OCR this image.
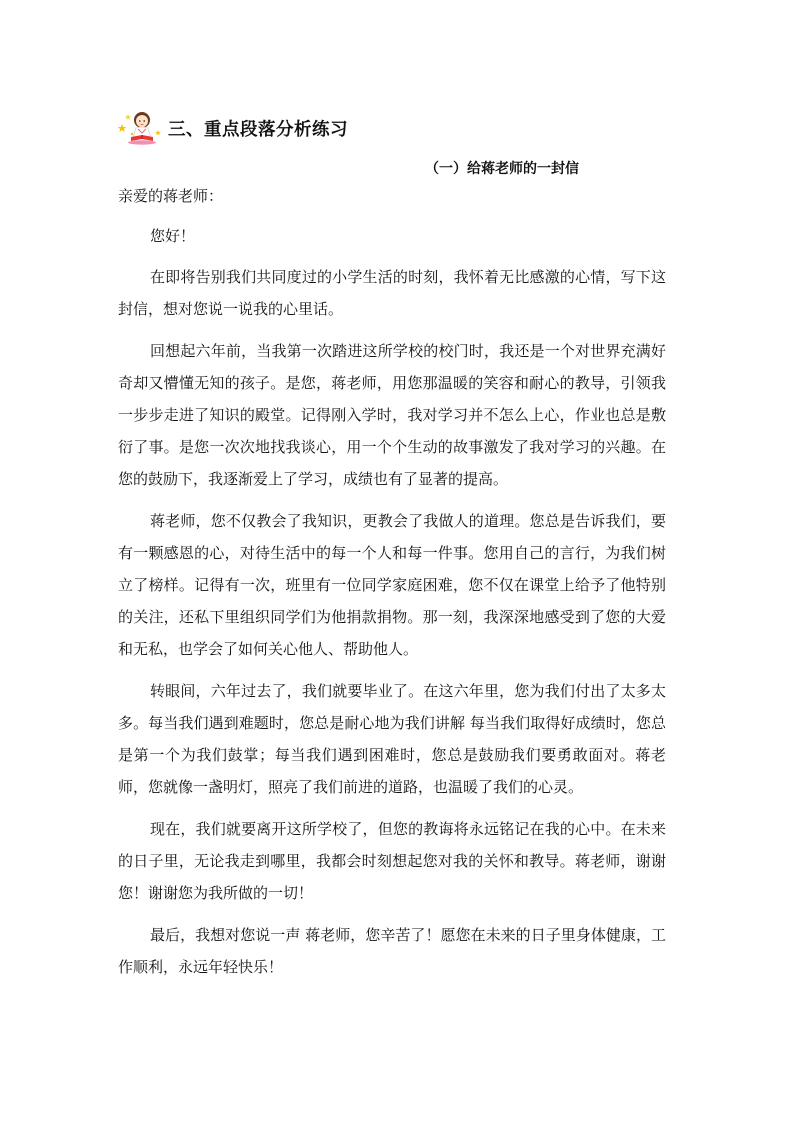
三、重点段落分析练习
（一）给蒋老师的一封信

亲爱的蒋老师：

您好！

在即将告别我们共同度过的小学生活的时刻，我怀着无比感激的心情，写下这封信，想对您说一说我的心里话。

回想起六年前，当我第一次踏进这所学校的校门时，我还是一个对世界充满好奇却又懵懂无知的孩子。是您，蒋老师，用您那温暖的笑容和耐心的教导，引领我一步步走进了知识的殿堂。记得刚入学时，我对学习并不怎么上心，作业也总是敷衍了事。是您一次次地找我谈心，用一个个生动的故事激发了我对学习的兴趣。在您的鼓励下，我逐渐爱上了学习，成绩也有了显著的提高。

蒋老师，您不仅教会了我知识，更教会了我做人的道理。您总是告诉我们，要有一颗感恩的心，对待生活中的每一个人和每一件事。您用自己的言行，为我们树立了榜样。记得有一次，班里有一位同学家庭困难，您不仅在课堂上给予了他特别的关注，还私下里组织同学们为他捐款捐物。那一刻，我深深地感受到了您的大爱和无私，也学会了如何关心他人、帮助他人。

转眼间，六年过去了，我们就要毕业了。在这六年里，您为我们付出了太多太多。每当我们遇到难题时，您总是耐心地为我们讲解 每当我们取得好成绩时，您总是第一个为我们鼓掌；每当我们遇到困难时，您总是鼓励我们要勇敢面对。蒋老师，您就像一盏明灯，照亮了我们前进的道路，也温暖了我们的心灵。

现在，我们就要离开这所学校了，但您的教诲将永远铭记在我的心中。在未来的日子里，无论我走到哪里，我都会时刻想起您对我的关怀和教导。蒋老师，谢谢您！谢谢您为我所做的一切！

最后，我想对您说一声 蒋老师，您辛苦了！愿您在未来的日子里身体健康，工作顺利，永远年轻快乐！
